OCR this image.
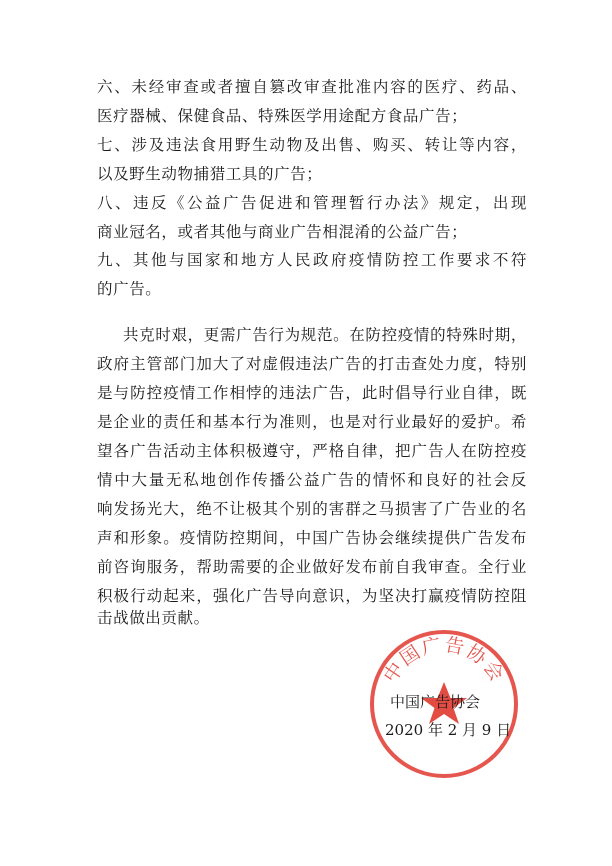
六、未经审查或者擅自篡改审查批准内容的医疗、药品、
医疗器械、保健食品、特殊医学用途配方食品广告；
七、涉及违法食用野生动物及出售、购买、转让等内容，
以及野生动物捕猎工具的广告；
八、违反《公益广告促进和管理暂行办法》规定，出现
商业冠名，或者其他与商业广告相混淆的公益广告；
九、其他与国家和地方人民政府疫情防控工作要求不符
的广告。
共克时艰，更需广告行为规范。在防控疫情的特殊时期，
政府主管部门加大了对虚假违法广告的打击查处力度，特别
是与防控疫情工作相悖的违法广告，此时倡导行业自律，既
是企业的责任和基本行为准则，也是对行业最好的爱护。希
望各广告活动主体积极遵守，严格自律，把广告人在防控疫
情中大量无私地创作传播公益广告的情怀和良好的社会反
响发扬光大，绝不让极其个别的害群之马损害了广告业的名
声和形象。疫情防控期间，中国广告协会继续提供广告发布
前咨询服务，帮助需要的企业做好发布前自我审查。全行业
积极行动起来，强化广告导向意识，为坚决打赢疫情防控阻
击战做出贡献。
中国广告协会
中国广告协会
2020 年 2 月 9 日
